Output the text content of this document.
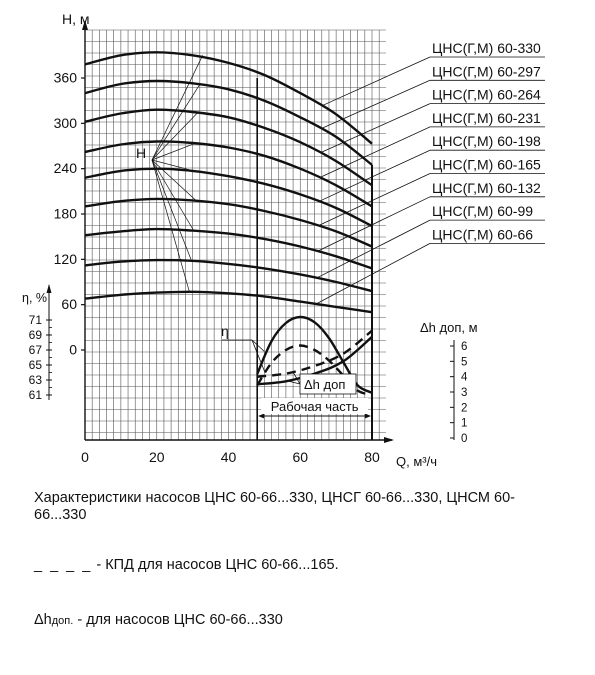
0
60
120
180
240
300
360
H, м
0	20	40	60	80 Q, м³/ч
η, %
61
63
65
67
69
71	Δh доп, м
0
1
2
3
4
5
6
ЦНС(Г,М) 60-330
ЦНС(Г,М) 60-297
ЦНС(Г,М) 60-264
ЦНС(Г,М) 60-231
ЦНС(Г,М) 60-198
ЦНС(Г,М) 60-165
ЦНС(Г,М) 60-132
ЦНС(Г,М) 60-99
ЦНС(Г,М) 60-66
H
η
Δh доп
Рабочая часть
Характеристики насосов ЦНС 60-66...330, ЦНСГ 60-66...330, ЦНСМ 60-66...330
_ _ _ _ - КПД для насосов ЦНС 60-66...165.
Δhдоп. - для насосов ЦНС 60-66...330
